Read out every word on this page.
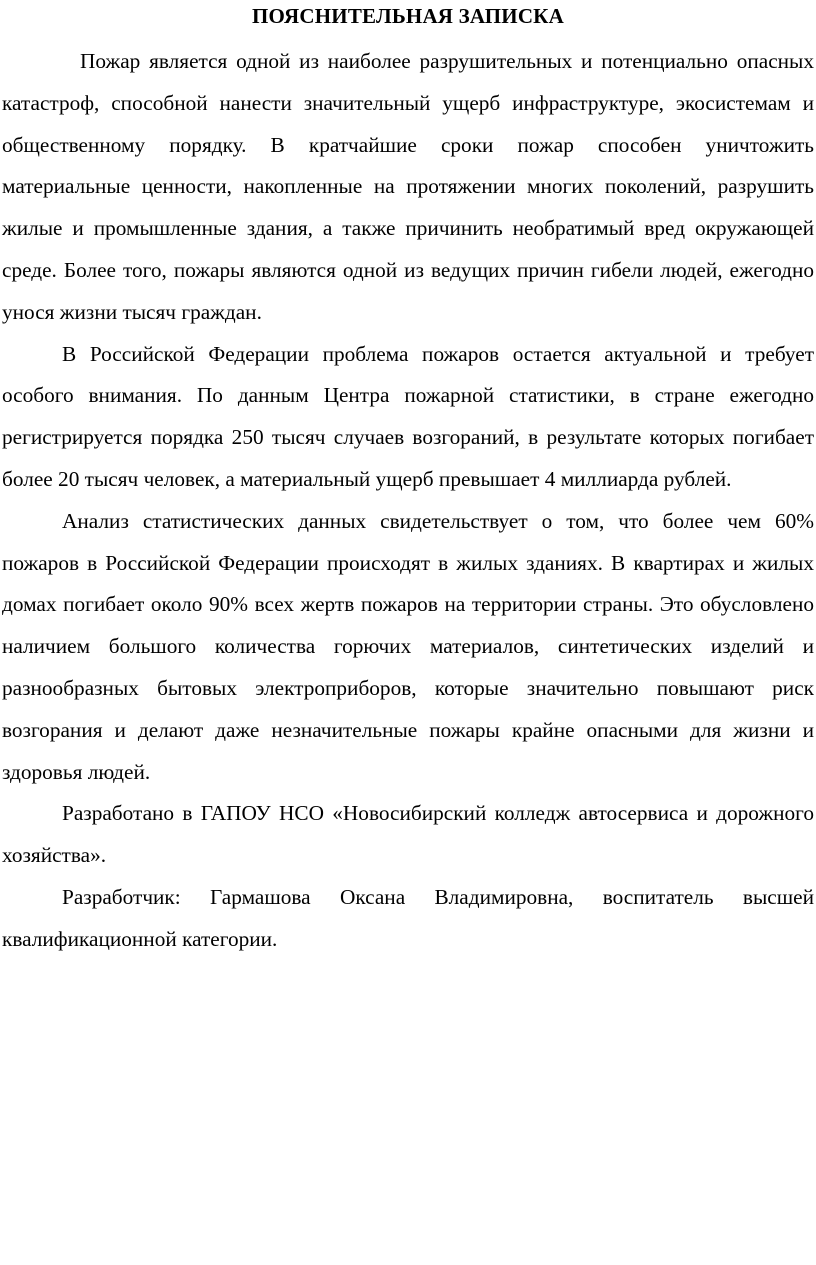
ПОЯСНИТЕЛЬНАЯ ЗАПИСКА

Пожар является одной из наиболее разрушительных и потенциально опасных катастроф, способной нанести значительный ущерб инфраструктуре, экосистемам и общественному порядку. В кратчайшие сроки пожар способен уничтожить материальные ценности, накопленные на протяжении многих поколений, разрушить жилые и промышленные здания, а также причинить необратимый вред окружающей среде. Более того, пожары являются одной из ведущих причин гибели людей, ежегодно унося жизни тысяч граждан.

В Российской Федерации проблема пожаров остается актуальной и требует особого внимания. По данным Центра пожарной статистики, в стране ежегодно регистрируется порядка 250 тысяч случаев возгораний, в результате которых погибает более 20 тысяч человек, а материальный ущерб превышает 4 миллиарда рублей.

Анализ статистических данных свидетельствует о том, что более чем 60% пожаров в Российской Федерации происходят в жилых зданиях. В квартирах и жилых домах погибает около 90% всех жертв пожаров на территории страны. Это обусловлено наличием большого количества горючих материалов, синтетических изделий и разнообразных бытовых электроприборов, которые значительно повышают риск возгорания и делают даже незначительные пожары крайне опасными для жизни и здоровья людей.

Разработано в ГАПОУ НСО «Новосибирский колледж автосервиса и дорожного хозяйства».

Разработчик: Гармашова Оксана Владимировна, воспитатель высшей квалификационной категории.
